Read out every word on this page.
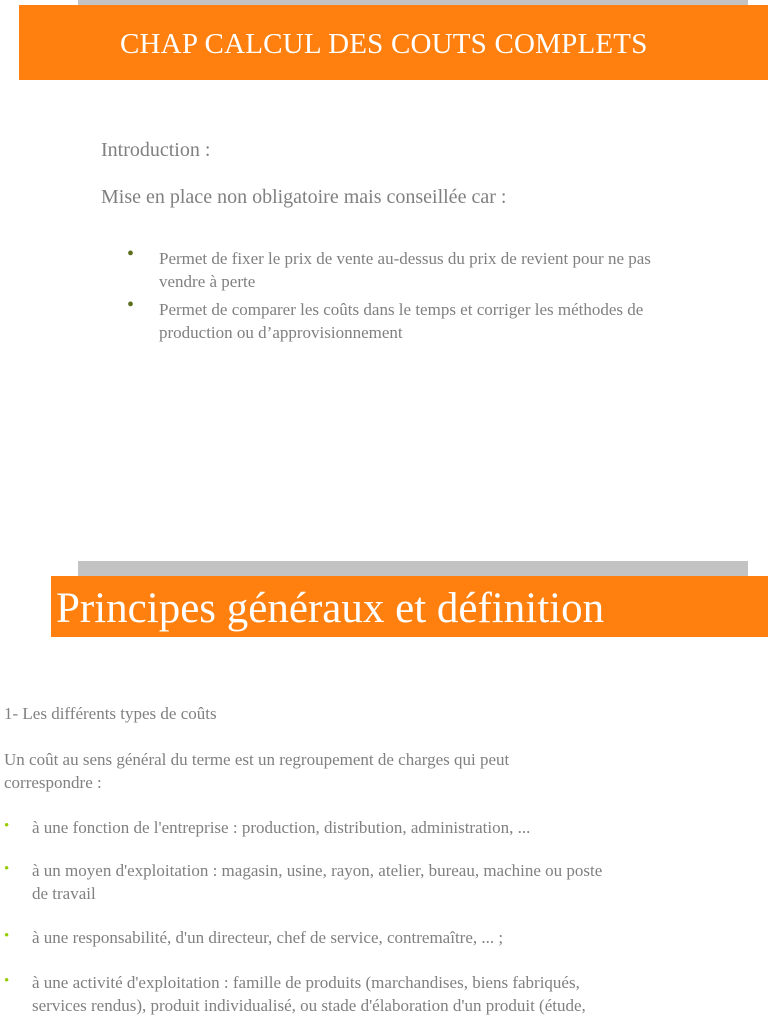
CHAP CALCUL DES COUTS COMPLETS
Introduction :
Mise en place non obligatoire mais conseillée car :
• Permet de fixer le prix de vente au-dessus du prix de revient pour ne pas
vendre à perte
• Permet de comparer les coûts dans le temps et corriger les méthodes de
production ou d’approvisionnement
Principes généraux et définition
1- Les différents types de coûts
Un coût au sens général du terme est un regroupement de charges qui peut
correspondre :
• à une fonction de l'entreprise : production, distribution, administration, ...
• à un moyen d'exploitation : magasin, usine, rayon, atelier, bureau, machine ou poste
de travail
• à une responsabilité, d'un directeur, chef de service, contremaître, ... ;
• à une activité d'exploitation : famille de produits (marchandises, biens fabriqués,
services rendus), produit individualisé, ou stade d'élaboration d'un produit (étude,
